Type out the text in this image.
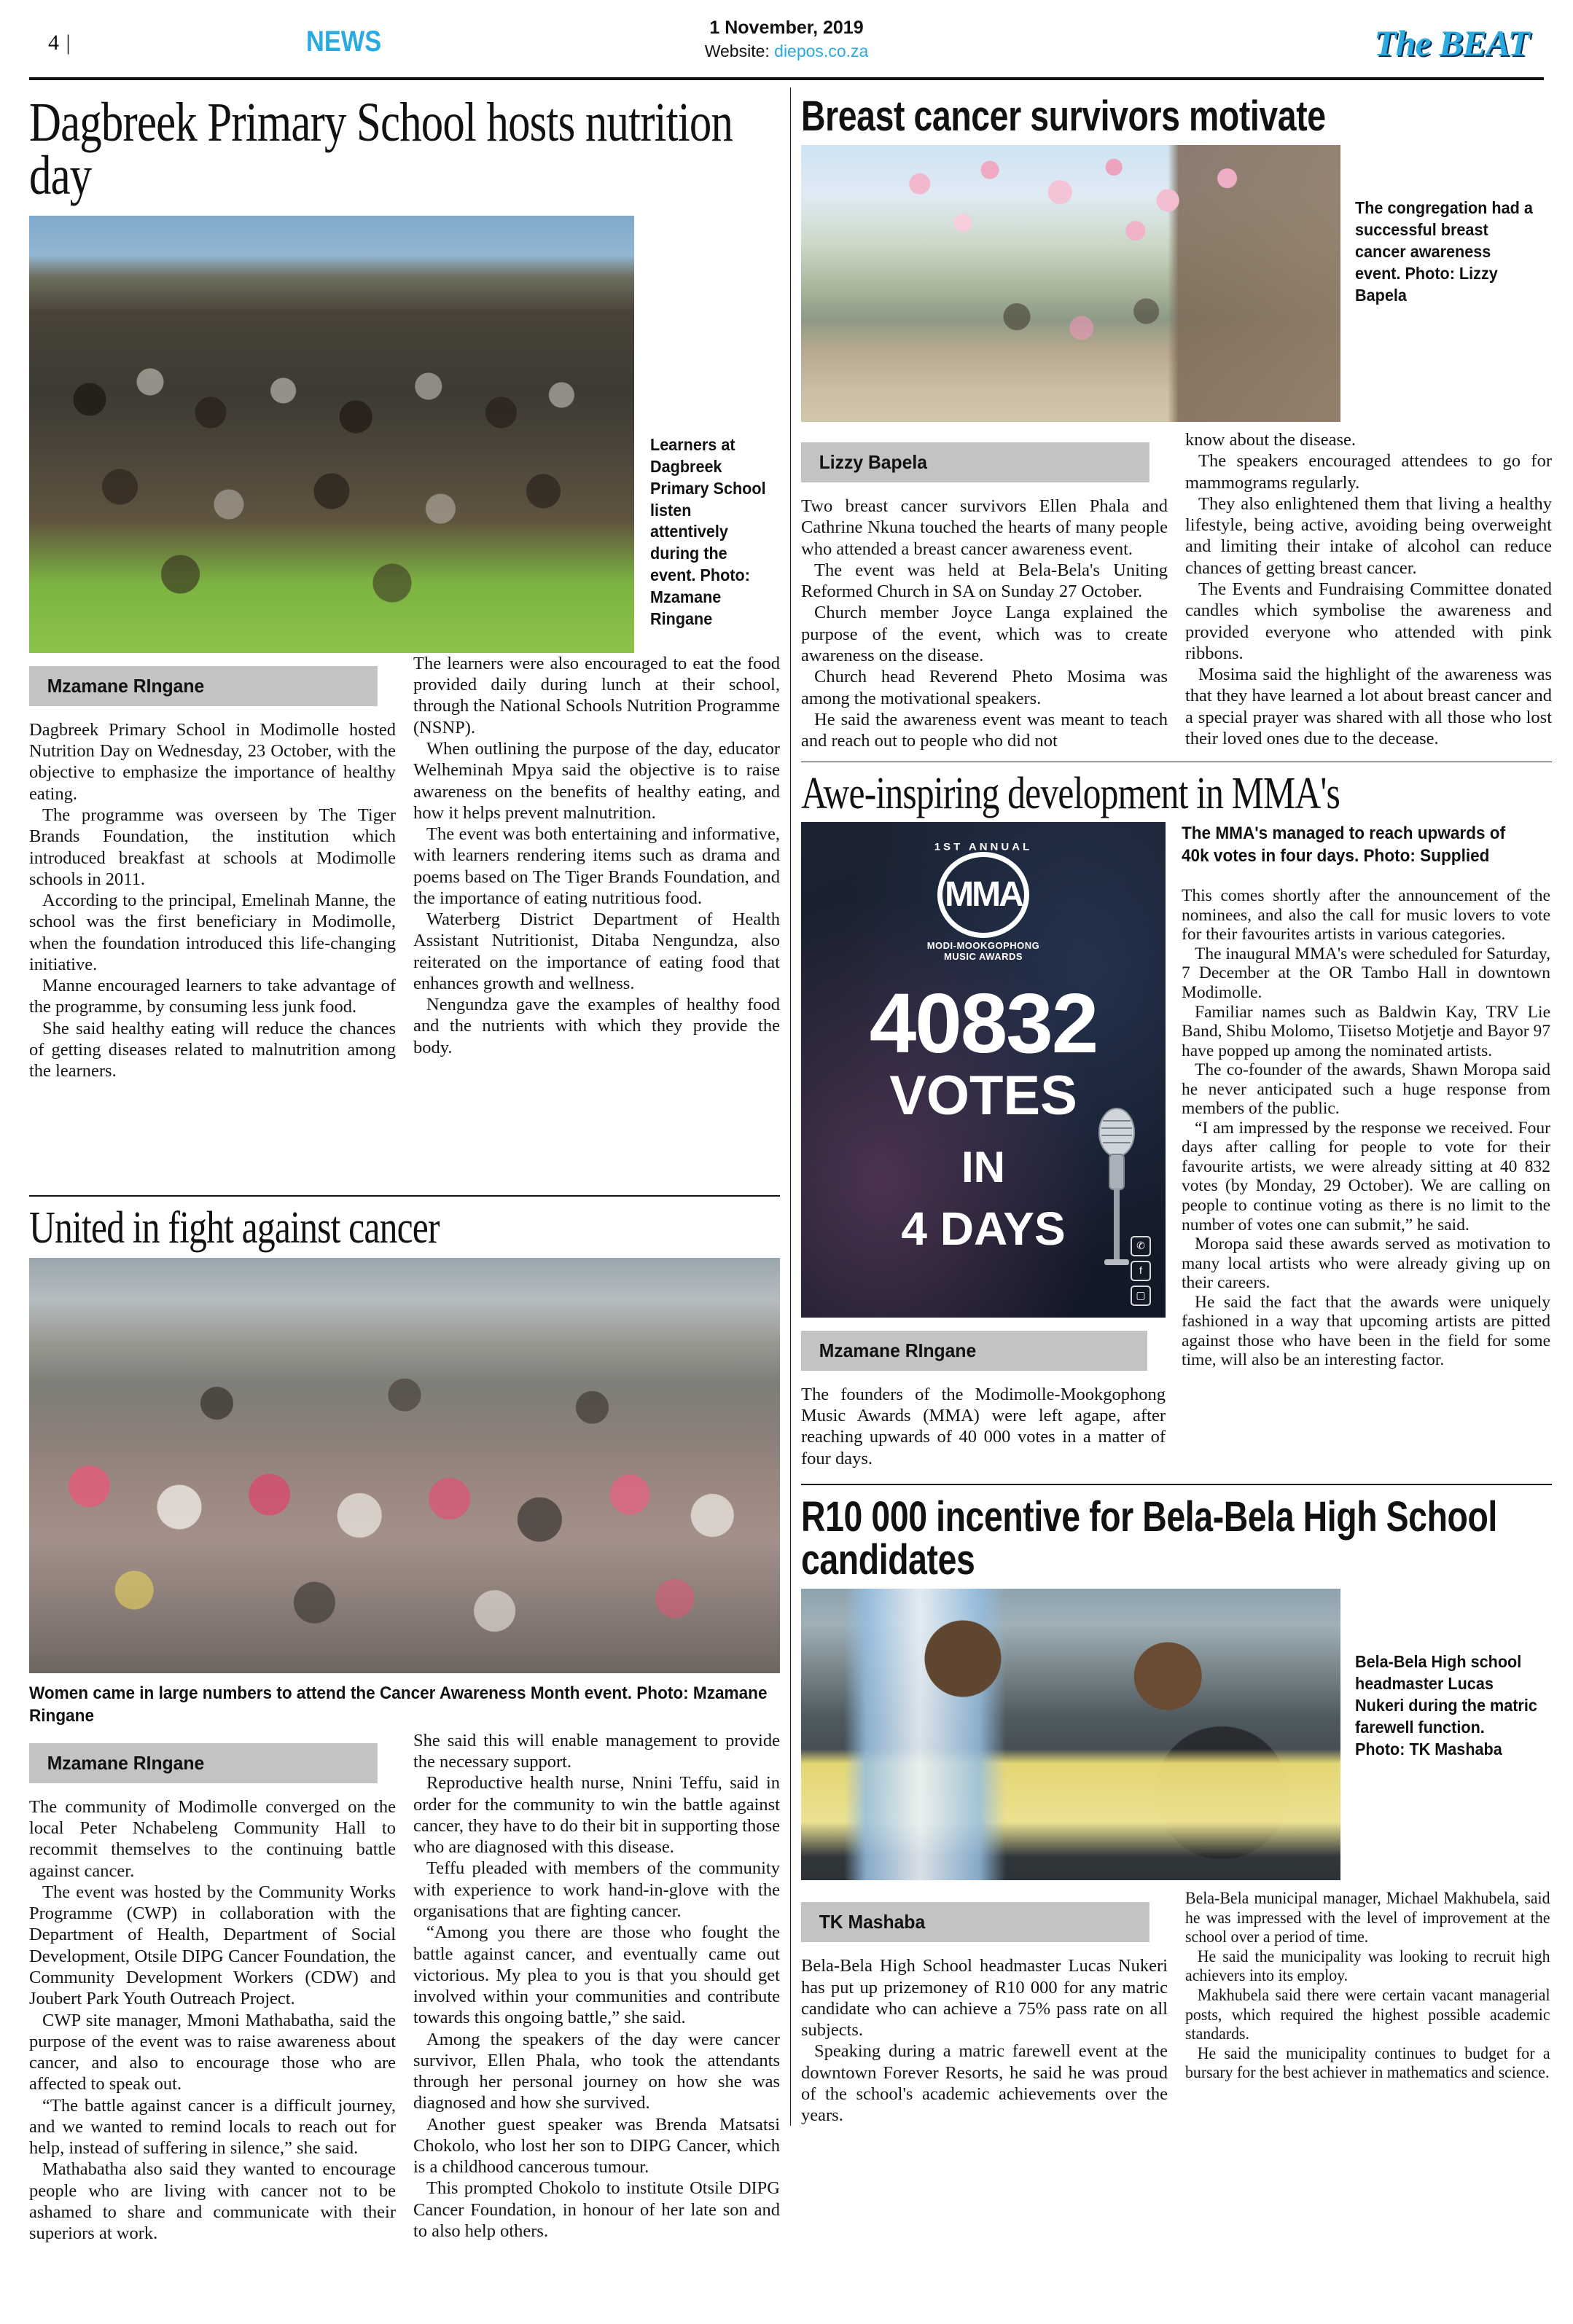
4 |	NEWS	1 November, 2019
Website: diepos.co.za	The BEAT
Dagbreek Primary School hosts nutrition day
Learners at Dagbreek Primary School listen attentively during the event. Photo: Mzamane Ringane
Mzamane RIngane

Dagbreek Primary School in Modimolle hosted Nutrition Day on Wednesday, 23 October, with the objective to emphasize the importance of healthy eating.

The programme was overseen by The Tiger Brands Foundation, the institution which introduced breakfast at schools at Modimolle schools in 2011.

According to the principal, Emelinah Manne, the school was the first beneficiary in Modimolle, when the foundation introduced this life-changing initiative.

Manne encouraged learners to take advantage of the programme, by consuming less junk food.

She said healthy eating will reduce the chances of getting diseases related to malnutrition among the learners.

The learners were also encouraged to eat the food provided daily during lunch at their school, through the National Schools Nutrition Programme (NSNP).

When outlining the purpose of the day, educator Welheminah Mpya said the objective is to raise awareness on the benefits of healthy eating, and how it helps prevent malnutrition.

The event was both entertaining and informative, with learners rendering items such as drama and poems based on The Tiger Brands Foundation, and the importance of eating nutritious food.

Waterberg District Department of Health Assistant Nutritionist, Ditaba Nengundza, also reiterated on the importance of eating food that enhances growth and wellness.

Nengundza gave the examples of healthy food and the nutrients with which they provide the body.

Breast cancer survivors motivate
The congregation had a successful breast cancer awareness event. Photo: Lizzy Bapela
Lizzy Bapela

Two breast cancer survivors Ellen Phala and Cathrine Nkuna touched the hearts of many people who attended a breast cancer awareness event.

The event was held at Bela-Bela's Uniting Reformed Church in SA on Sunday 27 October.

Church member Joyce Langa explained the purpose of the event, which was to create awareness on the disease.

Church head Reverend Pheto Mosima was among the motivational speakers.

He said the awareness event was meant to teach and reach out to people who did not

know about the disease.

The speakers encouraged attendees to go for mammograms regularly.

They also enlightened them that living a healthy lifestyle, being active, avoiding being overweight and limiting their intake of alcohol can reduce chances of getting breast cancer.

The Events and Fundraising Committee donated candles which symbolise the awareness and provided everyone who attended with pink ribbons.

Mosima said the highlight of the awareness was that they have learned a lot about breast cancer and a special prayer was shared with all those who lost their loved ones due to the decease.

Awe-inspiring development in MMA's
1ST ANNUAL
MMA
MODI-MOOKGOPHONG
MUSIC AWARDS
40832
VOTES
IN
4 DAYS	✆
f
▢
Mzamane RIngane

The founders of the Modimolle-Mookgophong Music Awards (MMA) were left agape, after reaching upwards of 40 000 votes in a matter of four days.

The MMA's managed to reach upwards of 40k votes in four days. Photo: Supplied

This comes shortly after the announcement of the nominees, and also the call for music lovers to vote for their favourites artists in various categories.

The inaugural MMA's were scheduled for Saturday, 7 December at the OR Tambo Hall in downtown Modimolle.

Familiar names such as Baldwin Kay, TRV Lie Band, Shibu Molomo, Tiisetso Motjetje and Bayor 97 have popped up among the nominated artists.

The co-founder of the awards, Shawn Moropa said he never anticipated such a huge response from members of the public.

“I am impressed by the response we received. Four days after calling for people to vote for their favourite artists, we were already sitting at 40 832 votes (by Monday, 29 October). We are calling on people to continue voting as there is no limit to the number of votes one can submit,” he said.

Moropa said these awards served as motivation to many local artists who were already giving up on their careers.

He said the fact that the awards were uniquely fashioned in a way that upcoming artists are pitted against those who have been in the field for some time, will also be an interesting factor.

R10 000 incentive for Bela-Bela High School candidates
Bela-Bela High school headmaster Lucas Nukeri during the matric farewell function. Photo: TK Mashaba
TK Mashaba

Bela-Bela High School headmaster Lucas Nukeri has put up prizemoney of R10 000 for any matric candidate who can achieve a 75% pass rate on all subjects.

Speaking during a matric farewell event at the downtown Forever Resorts, he said he was proud of the school's academic achievements over the years.

Bela-Bela municipal manager, Michael Makhubela, said he was impressed with the level of improvement at the school over a period of time.

He said the municipality was looking to recruit high achievers into its employ.

Makhubela said there were certain vacant managerial posts, which required the highest possible academic standards.

He said the municipality continues to budget for a bursary for the best achiever in mathematics and science.

United in fight against cancer
Women came in large numbers to attend the Cancer Awareness Month event. Photo: Mzamane Ringane
Mzamane RIngane

The community of Modimolle converged on the local Peter Nchabeleng Community Hall to recommit themselves to the continuing battle against cancer.

The event was hosted by the Community Works Programme (CWP) in collaboration with the Department of Health, Department of Social Development, Otsile DIPG Cancer Foundation, the Community Development Workers (CDW) and Joubert Park Youth Outreach Project.

CWP site manager, Mmoni Mathabatha, said the purpose of the event was to raise awareness about cancer, and also to encourage those who are affected to speak out.

“The battle against cancer is a difficult journey, and we wanted to remind locals to reach out for help, instead of suffering in silence,” she said.

Mathabatha also said they wanted to encourage people who are living with cancer not to be ashamed to share and communicate with their superiors at work.

She said this will enable management to provide the necessary support.

Reproductive health nurse, Nnini Teffu, said in order for the community to win the battle against cancer, they have to do their bit in supporting those who are diagnosed with this disease.

Teffu pleaded with members of the community with experience to work hand-in-glove with the organisations that are fighting cancer.

“Among you there are those who fought the battle against cancer, and eventually came out victorious. My plea to you is that you should get involved within your communities and contribute towards this ongoing battle,” she said.

Among the speakers of the day were cancer survivor, Ellen Phala, who took the attendants through her personal journey on how she was diagnosed and how she survived.

Another guest speaker was Brenda Matsatsi Chokolo, who lost her son to DIPG Cancer, which is a childhood cancerous tumour.

This prompted Chokolo to institute Otsile DIPG Cancer Foundation, in honour of her late son and to also help others.
